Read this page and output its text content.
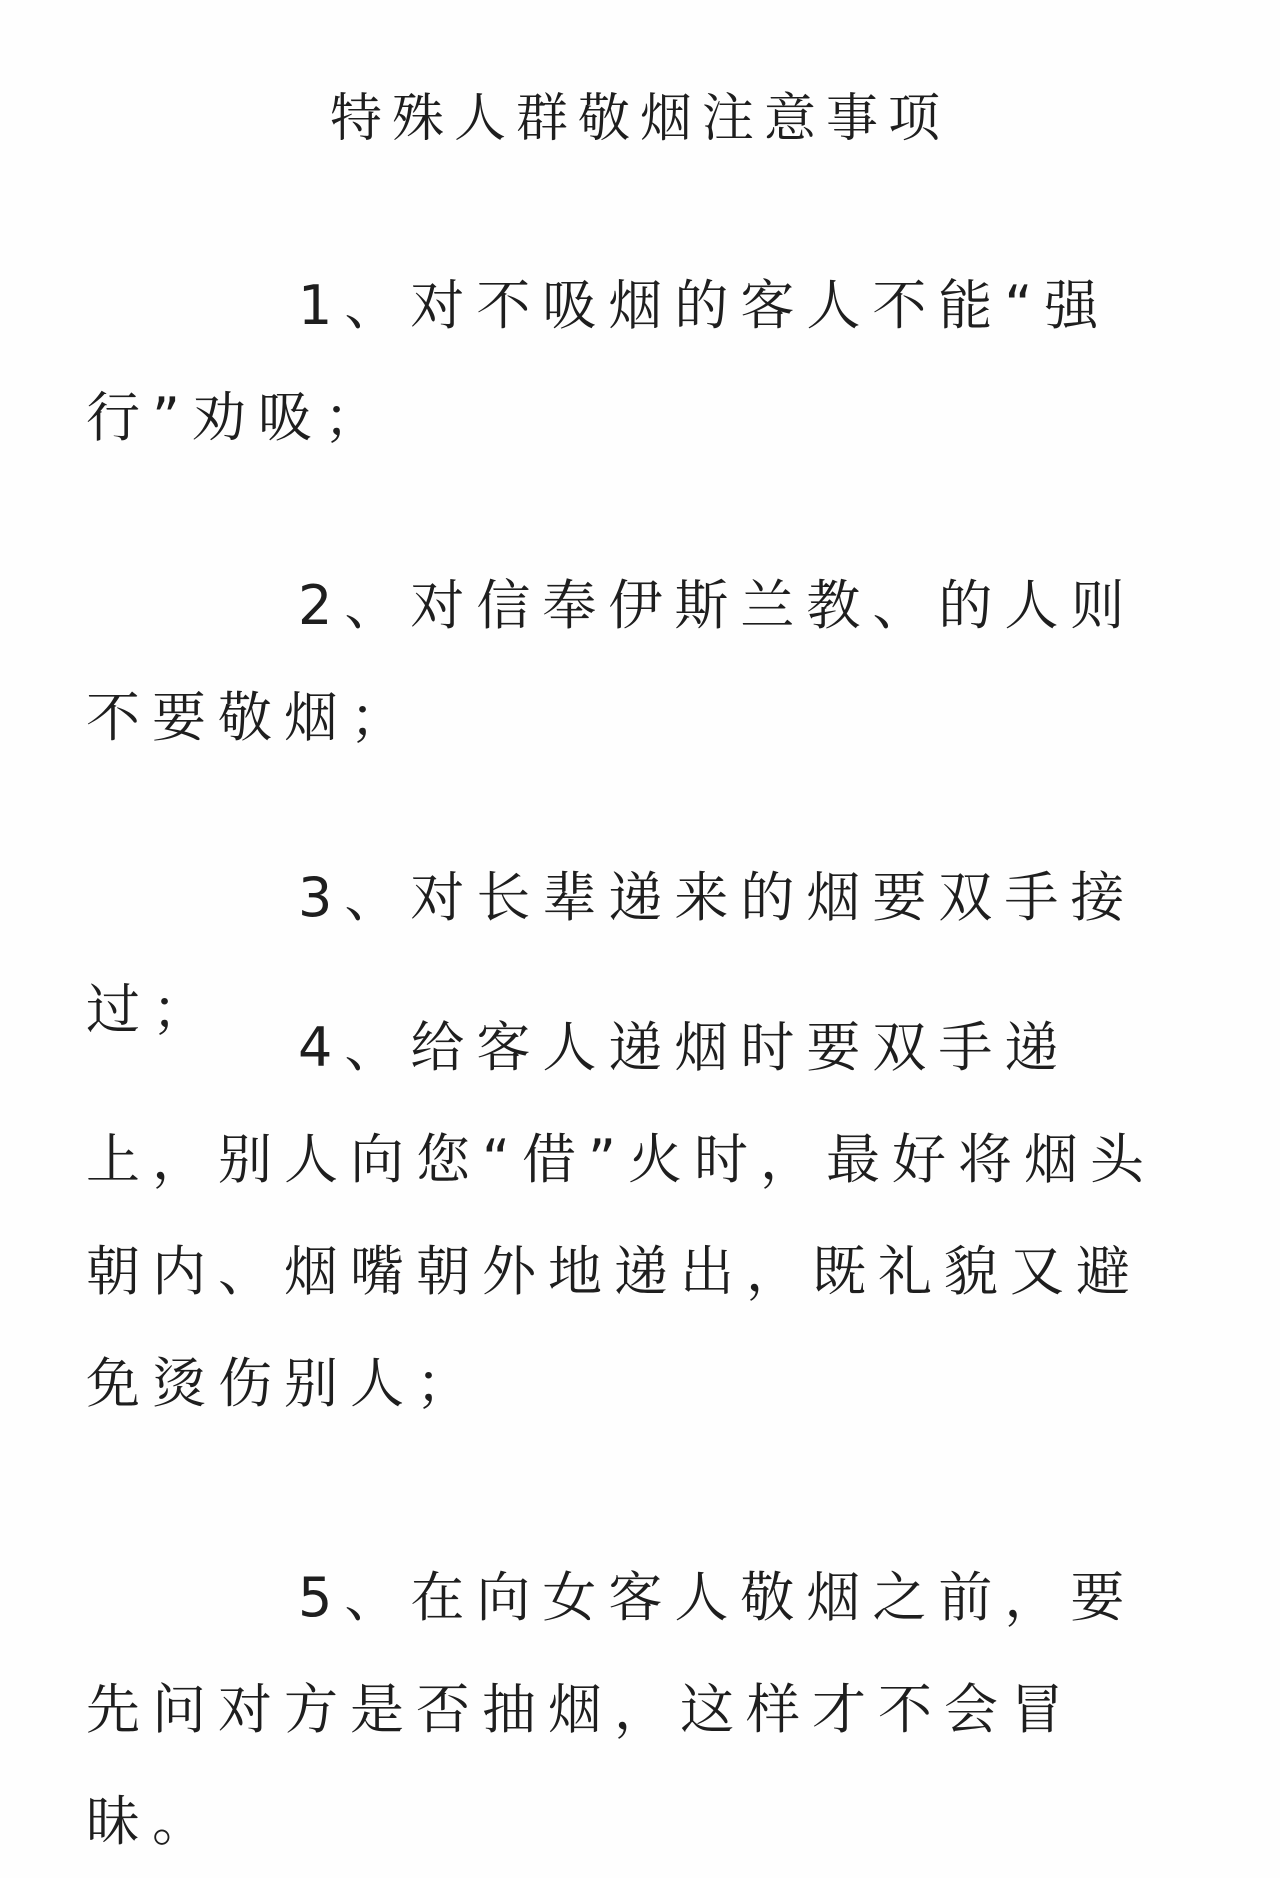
特殊人群敬烟注意事项

1、对不吸烟的客人不能“强行”劝吸；

2、对信奉伊斯兰教、的人则不要敬烟；

3、对长辈递来的烟要双手接过；

4、给客人递烟时要双手递上，别人向您“借”火时，最好将烟头朝内、烟嘴朝外地递出，既礼貌又避免烫伤别人；

5、在向女客人敬烟之前，要先问对方是否抽烟，这样才不会冒昧。
